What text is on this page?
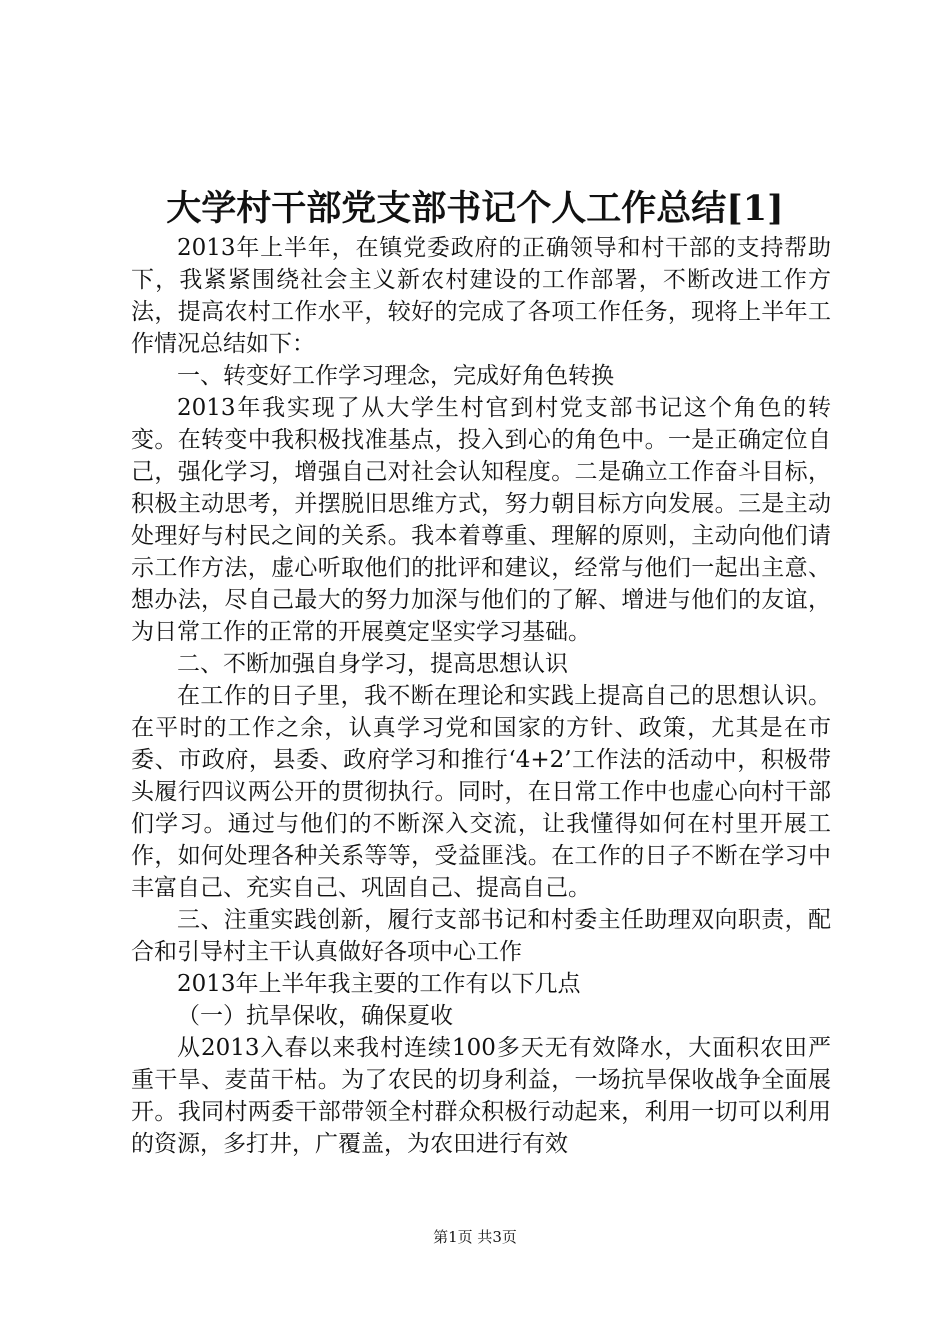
大学村干部党支部书记个人工作总结[1]

2013年上半年，在镇党委政府的正确领导和村干部的支持帮助下，我紧紧围绕社会主义新农村建设的工作部署，不断改进工作方法，提高农村工作水平，较好的完成了各项工作任务，现将上半年工作情况总结如下：

一、转变好工作学习理念，完成好角色转换

2013年我实现了从大学生村官到村党支部书记这个角色的转变。在转变中我积极找准基点，投入到心的角色中。一是正确定位自己，强化学习，增强自己对社会认知程度。二是确立工作奋斗目标，积极主动思考，并摆脱旧思维方式，努力朝目标方向发展。三是主动处理好与村民之间的关系。我本着尊重、理解的原则，主动向他们请示工作方法，虚心听取他们的批评和建议，经常与他们一起出主意、想办法，尽自己最大的努力加深与他们的了解、增进与他们的友谊，为日常工作的正常的开展奠定坚实学习基础。

二、不断加强自身学习，提高思想认识

在工作的日子里，我不断在理论和实践上提高自己的思想认识。在平时的工作之余，认真学习党和国家的方针、政策，尤其是在市委、市政府，县委、政府学习和推行‘4+2’工作法的活动中，积极带头履行四议两公开的贯彻执行。同时，在日常工作中也虚心向村干部们学习。通过与他们的不断深入交流，让我懂得如何在村里开展工作，如何处理各种关系等等，受益匪浅。在工作的日子不断在学习中丰富自己、充实自己、巩固自己、提高自己。

三、注重实践创新，履行支部书记和村委主任助理双向职责，配合和引导村主干认真做好各项中心工作

2013年上半年我主要的工作有以下几点

（一）抗旱保收，确保夏收

从2013入春以来我村连续100多天无有效降水，大面积农田严重干旱、麦苗干枯。为了农民的切身利益，一场抗旱保收战争全面展开。我同村两委干部带领全村群众积极行动起来，利用一切可以利用的资源，多打井，广覆盖，为农田进行有效

第1页 共3页
